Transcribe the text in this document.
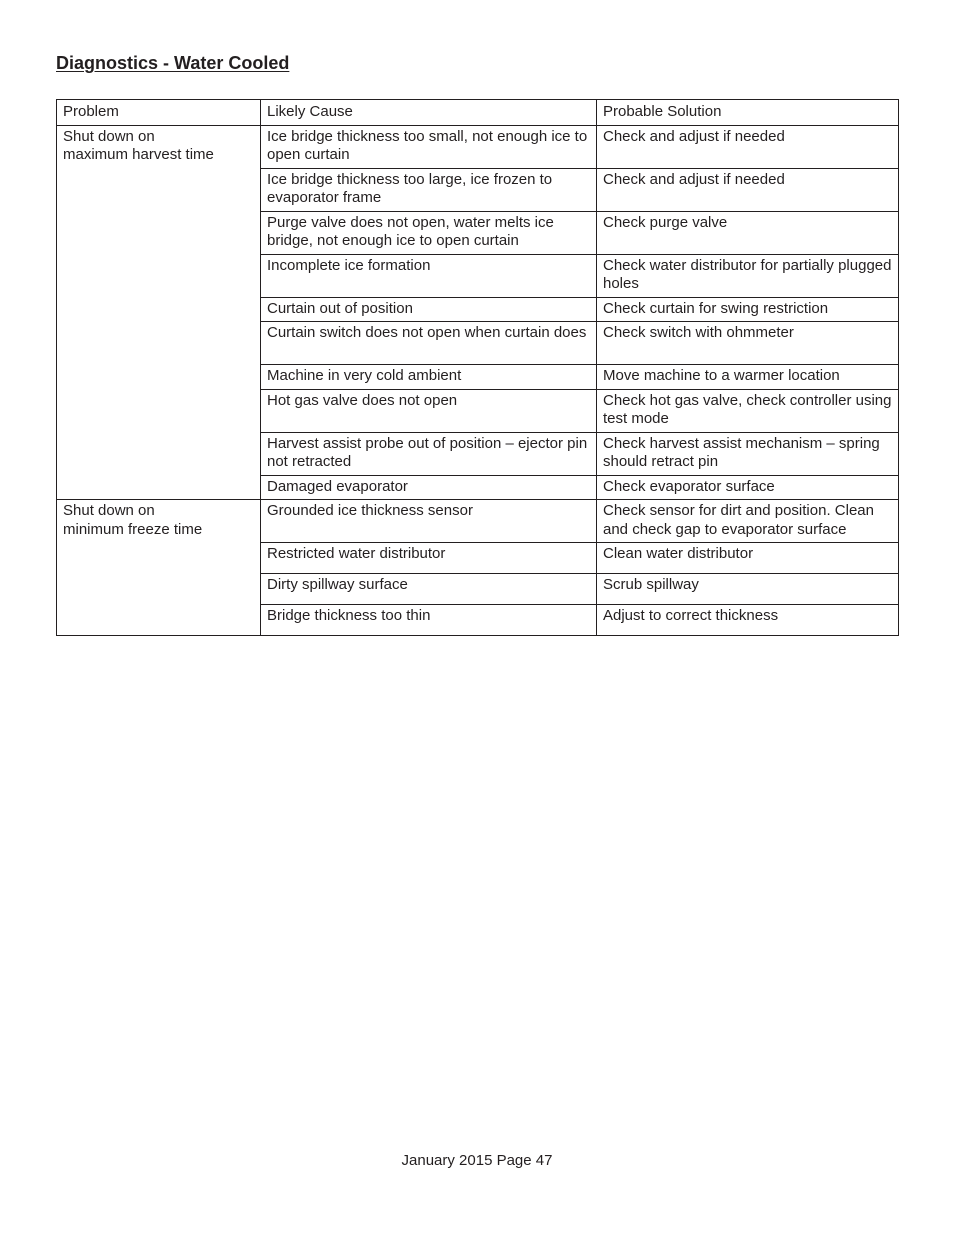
Diagnostics - Water Cooled
Problem	Likely Cause	Probable Solution
Shut down on
maximum harvest time	Ice bridge thickness too small, not enough ice to open curtain	Check and adjust if needed
	Ice bridge thickness too large, ice frozen to evaporator frame	Check and adjust if needed
	Purge valve does not open, water melts ice bridge, not enough ice to open curtain	Check purge valve
	Incomplete ice formation	Check water distributor for partially plugged holes
	Curtain out of position	Check curtain for swing restriction
	Curtain switch does not open when curtain does	Check switch with ohmmeter
	Machine in very cold ambient	Move machine to a warmer location
	Hot gas valve does not open	Check hot gas valve, check controller using test mode
	Harvest assist probe out of position – ejector pin not retracted	Check harvest assist mechanism – spring should retract pin
	Damaged evaporator	Check evaporator surface
Shut down on
minimum freeze time	Grounded ice thickness sensor	Check sensor for dirt and position. Clean and check gap to evaporator surface
	Restricted water distributor	Clean water distributor
	Dirty spillway surface	Scrub spillway
	Bridge thickness too thin	Adjust to correct thickness
January 2015 Page 47
